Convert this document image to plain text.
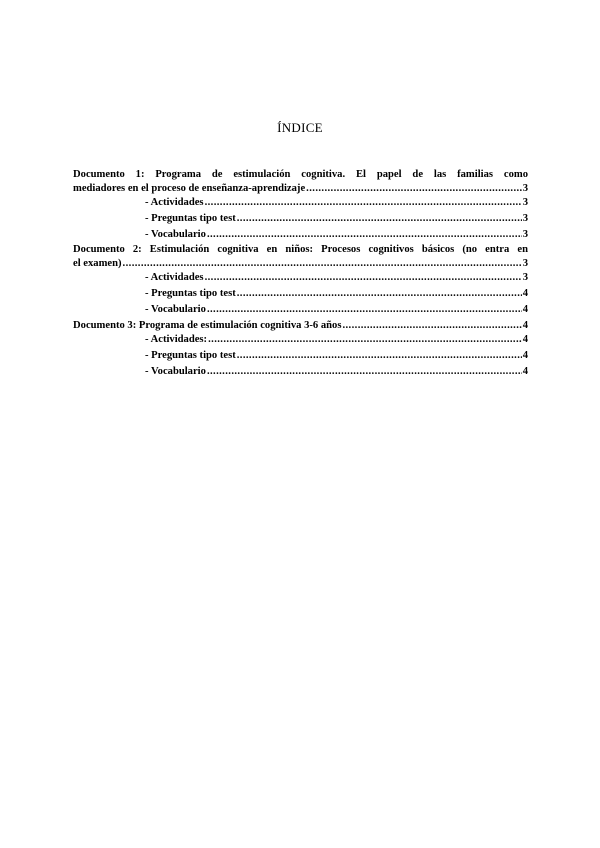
ÍNDICE
Documento 1: Programa de estimulación cognitiva. El papel de las familias como
mediadores en el proceso de enseñanza-aprendizaje .....	3
- Actividades .....	3
- Preguntas tipo test .....	3
- Vocabulario .....	3
Documento 2: Estimulación cognitiva en niños: Procesos cognitivos básicos (no entra en
el examen) .....	3
- Actividades .....	3
- Preguntas tipo test .....	4
- Vocabulario .....	4
Documento 3: Programa de estimulación cognitiva 3-6 años .....	4
- Actividades: .....	4
- Preguntas tipo test .....	4
- Vocabulario .....	4
